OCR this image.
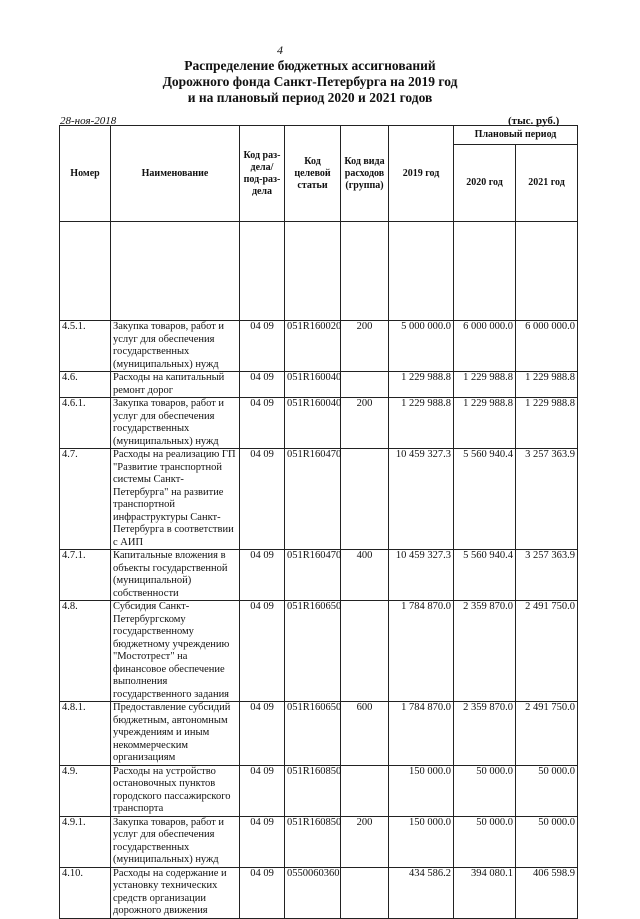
4
Распределение бюджетных ассигнований
Дорожного фонда Санкт-Петербурга на 2019 год
и на плановый период 2020 и 2021 годов
28-ноя-2018	(тыс. руб.)
Номер	Наименование	Код раз-дела/ под-раз-дела	Код целевой статьи	Код вида расходов (группа)	2019 год	Плановый период	
						2020 год	2021 год

4.5.1.	Закупка товаров, работ и услуг для обеспечения государственных (муниципальных) нужд	04 09	051R160020	200	5 000 000.0	6 000 000.0	6 000 000.0
4.6.	Расходы на капитальный ремонт дорог	04 09	051R160040		1 229 988.8	1 229 988.8	1 229 988.8
4.6.1.	Закупка товаров, работ и услуг для обеспечения государственных (муниципальных) нужд	04 09	051R160040	200	1 229 988.8	1 229 988.8	1 229 988.8
4.7.	Расходы на реализацию ГП "Развитие транспортной системы Санкт-Петербурга" на развитие транспортной инфраструктуры Санкт-Петербурга в соответствии с АИП	04 09	051R160470		10 459 327.3	5 560 940.4	3 257 363.9
4.7.1.	Капитальные вложения в объекты государственной (муниципальной) собственности	04 09	051R160470	400	10 459 327.3	5 560 940.4	3 257 363.9
4.8.	Субсидия Санкт-Петербургскому государственному бюджетному учреждению "Мостотрест" на финансовое обеспечение выполнения государственного задания	04 09	051R160650		1 784 870.0	2 359 870.0	2 491 750.0
4.8.1.	Предоставление субсидий бюджетным, автономным учреждениям и иным некоммерческим организациям	04 09	051R160650	600	1 784 870.0	2 359 870.0	2 491 750.0
4.9.	Расходы на устройство остановочных пунктов городского пассажирского транспорта	04 09	051R160850		150 000.0	50 000.0	50 000.0
4.9.1.	Закупка товаров, работ и услуг для обеспечения государственных (муниципальных) нужд	04 09	051R160850	200	150 000.0	50 000.0	50 000.0
4.10.	Расходы на содержание и установку технических средств организации дорожного движения	04 09	0550060360		434 586.2	394 080.1	406 598.9
